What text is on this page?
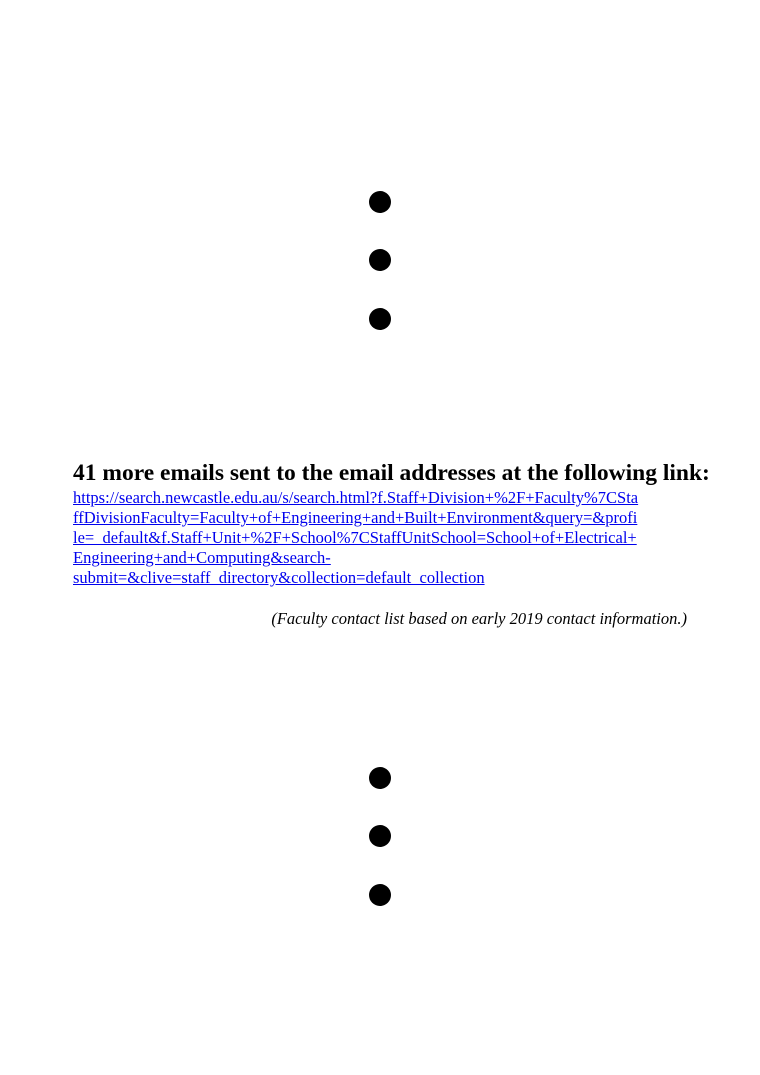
41 more emails sent to the email addresses at the following link:
https://search.newcastle.edu.au/s/search.html?f.Staff+Division+%2F+Faculty%7CSta
ffDivisionFaculty=Faculty+of+Engineering+and+Built+Environment&query=&profi
le=_default&f.Staff+Unit+%2F+School%7CStaffUnitSchool=School+of+Electrical+
Engineering+and+Computing&search-
submit=&clive=staff_directory&collection=default_collection
(Faculty contact list based on early 2019 contact information.)
